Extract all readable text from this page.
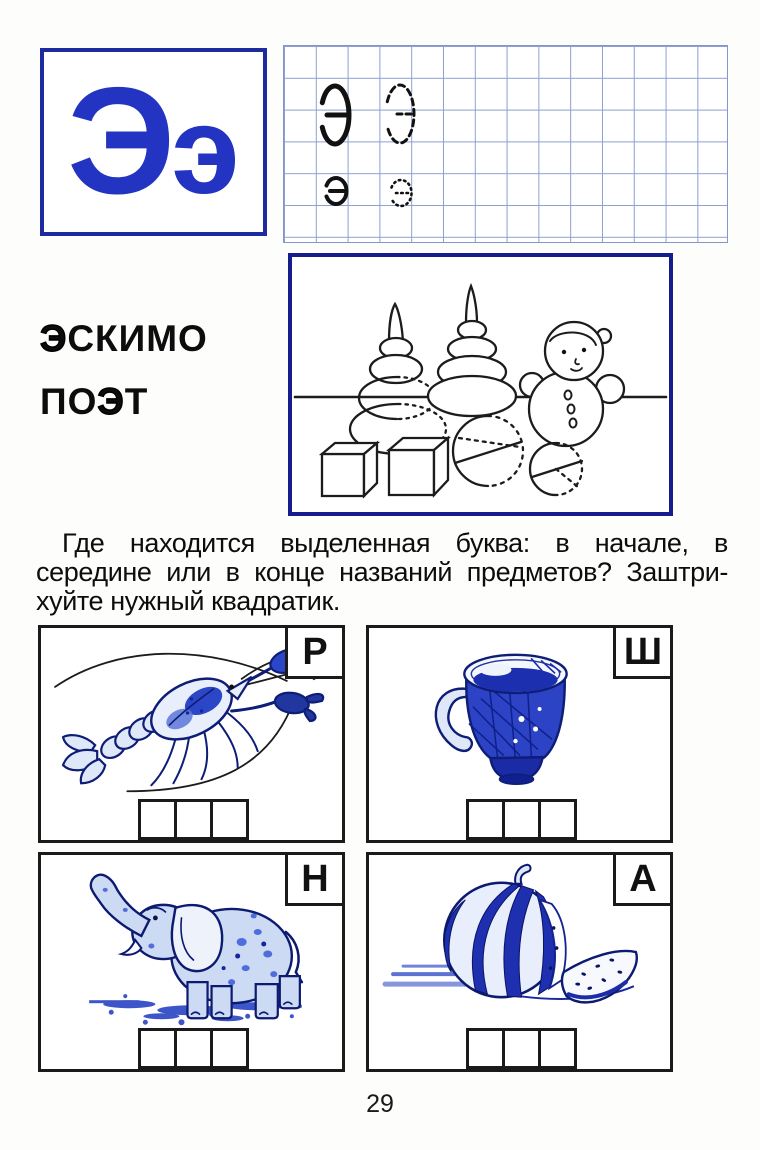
Э э
ЭСКИМО
ПОЭТ
Где находится выделенная буква: в начале, в
середине или в конце названий предметов? Заштри-
хуйте нужный квадратик.
Р	Ш
Н	А
29
